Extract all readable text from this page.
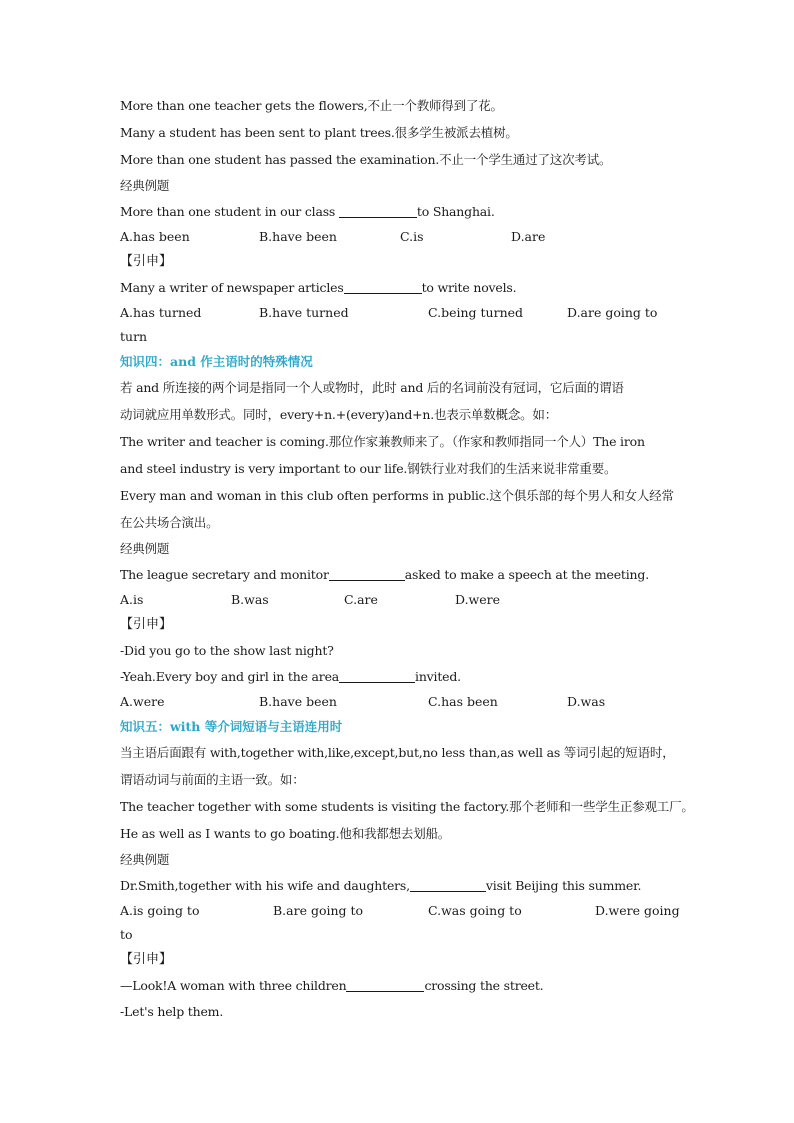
More than one teacher gets the flowers,不止一个教师得到了花。
Many a student has been sent to plant trees.很多学生被派去植树。
More than one student has passed the examination.不止一个学生通过了这次考试。
经典例题
More than one student in our class	to Shanghai.
A.has been	B.have been	C.is	D.are
【引申】
Many a writer of newspaper articles	to write novels.
A.has turned	B.have turned	C.being turned	D.are going to
turn
知识四：and 作主语时的特殊情况
若 and 所连接的两个词是指同一个人或物时，此时 and 后的名词前没有冠词，它后面的谓语
动词就应用单数形式。同时，every+n.+(every)and+n.也表示单数概念。如：
The writer and teacher is coming.那位作家兼教师来了。（作家和教师指同一个人）The iron
and steel industry is very important to our life.钢铁行业对我们的生活来说非常重要。
Every man and woman in this club often performs in public.这个俱乐部的每个男人和女人经常
在公共场合演出。
经典例题
The league secretary and monitor	asked to make a speech at the meeting.
A.is	B.was	C.are	D.were
【引申】
-Did you go to the show last night?
-Yeah.Every boy and girl in the area	invited.
A.were	B.have been	C.has been	D.was
知识五：with 等介词短语与主语连用时
当主语后面跟有 with,together with,like,except,but,no less than,as well as 等词引起的短语时，
谓语动词与前面的主语一致。如：
The teacher together with some students is visiting the factory.那个老师和一些学生正参观工厂。
He as well as I wants to go boating.他和我都想去划船。
经典例题
Dr.Smith,together with his wife and daughters,	visit Beijing this summer.
A.is going to	B.are going to	C.was going to	D.were going
to
【引申】
—Look!A woman with three children	crossing the street.
-Let's help them.
